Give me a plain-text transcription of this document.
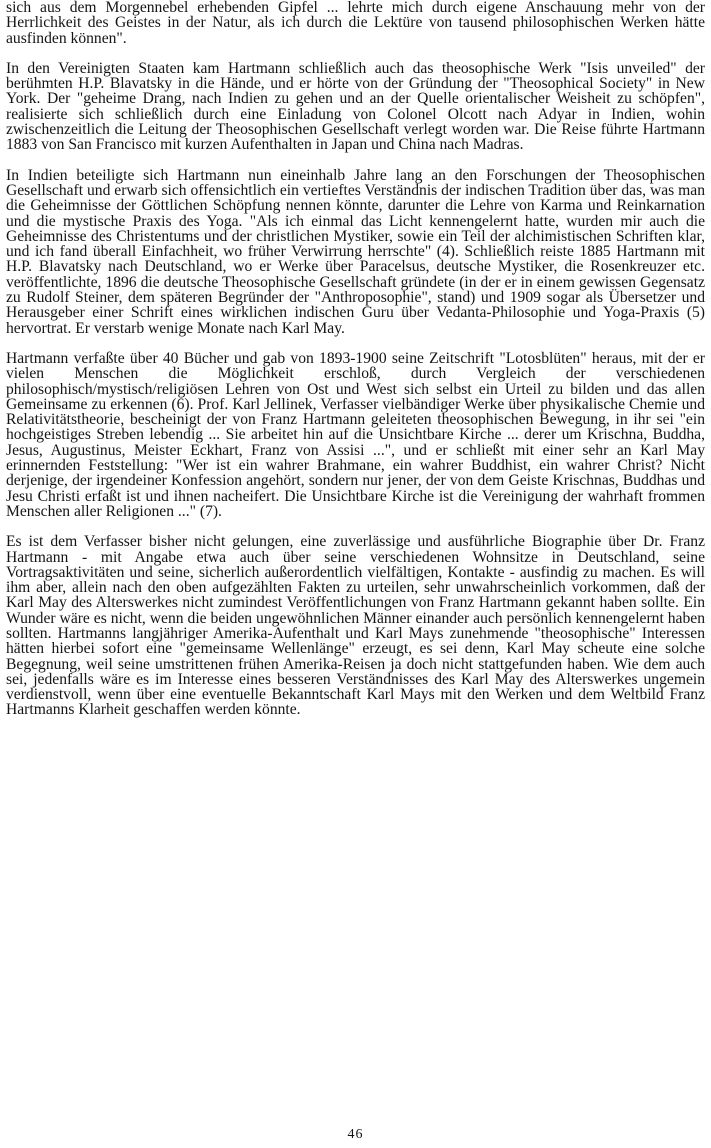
sich aus dem Morgennebel erhebenden Gipfel ... lehrte mich durch eigene Anschauung mehr von der Herrlichkeit des Geistes in der Natur, als ich durch die Lektüre von tausend philosophischen Werken hätte ausfinden können".

In den Vereinigten Staaten kam Hartmann schließlich auch das theosophische Werk "Isis unveiled" der berühmten H.P. Blavatsky in die Hände, und er hörte von der Gründung der "Theosophical Society" in New York. Der "geheime Drang, nach Indien zu gehen und an der Quelle orientalischer Weisheit zu schöpfen", realisierte sich schließlich durch eine Einladung von Colonel Olcott nach Adyar in Indien, wohin zwischenzeitlich die Leitung der Theosophischen Gesellschaft verlegt worden war. Die Reise führte Hartmann 1883 von San Francisco mit kurzen Aufenthalten in Japan und China nach Madras.

In Indien beteiligte sich Hartmann nun eineinhalb Jahre lang an den Forschungen der Theosophischen Gesellschaft und erwarb sich offensichtlich ein vertieftes Verständnis der indischen Tradition über das, was man die Geheimnisse der Göttlichen Schöpfung nennen könnte, darunter die Lehre von Karma und Reinkarnation und die mystische Praxis des Yoga. "Als ich einmal das Licht kennengelernt hatte, wurden mir auch die Geheimnisse des Christentums und der christlichen Mystiker, sowie ein Teil der alchimistischen Schriften klar, und ich fand überall Einfachheit, wo früher Verwirrung herrschte" (4). Schließlich reiste 1885 Hartmann mit H.P. Blavatsky nach Deutschland, wo er Werke über Paracelsus, deutsche Mystiker, die Rosenkreuzer etc. veröffentlichte, 1896 die deutsche Theosophische Gesellschaft gründete (in der er in einem gewissen Gegensatz zu Rudolf Steiner, dem späteren Begründer der "Anthroposophie", stand) und 1909 sogar als Übersetzer und Herausgeber einer Schrift eines wirklichen indischen Guru über Vedanta-Philosophie und Yoga-Praxis (5) hervortrat. Er verstarb wenige Monate nach Karl May.

Hartmann verfaßte über 40 Bücher und gab von 1893-1900 seine Zeitschrift "Lotosblüten" heraus, mit der er vielen Menschen die Möglichkeit erschloß, durch Vergleich der verschiedenen philosophisch/mystisch/religiösen Lehren von Ost und West sich selbst ein Urteil zu bilden und das allen Gemeinsame zu erkennen (6). Prof. Karl Jellinek, Verfasser vielbändiger Werke über physikalische Chemie und Relativitätstheorie, bescheinigt der von Franz Hartmann geleiteten theosophischen Bewegung, in ihr sei "ein hochgeistiges Streben lebendig ... Sie arbeitet hin auf die Unsichtbare Kirche ... derer um Krischna, Buddha, Jesus, Augustinus, Meister Eckhart, Franz von Assisi ...", und er schließt mit einer sehr an Karl May erinnernden Feststellung: "Wer ist ein wahrer Brahmane, ein wahrer Buddhist, ein wahrer Christ? Nicht derjenige, der irgendeiner Konfession angehört, sondern nur jener, der von dem Geiste Krischnas, Buddhas und Jesu Christi erfaßt ist und ihnen nacheifert. Die Unsichtbare Kirche ist die Vereinigung der wahrhaft frommen Menschen aller Religionen ..." (7).

Es ist dem Verfasser bisher nicht gelungen, eine zuverlässige und ausführliche Biographie über Dr. Franz Hartmann - mit Angabe etwa auch über seine verschiedenen Wohnsitze in Deutschland, seine Vortragsaktivitäten und seine, sicherlich außerordentlich vielfältigen, Kontakte - ausfindig zu machen. Es will ihm aber, allein nach den oben aufgezählten Fakten zu urteilen, sehr unwahrscheinlich vorkommen, daß der Karl May des Alterswerkes nicht zumindest Veröffentlichungen von Franz Hartmann gekannt haben sollte. Ein Wunder wäre es nicht, wenn die beiden ungewöhnlichen Männer einander auch persönlich kennengelernt haben sollten. Hartmanns langjähriger Amerika-Aufenthalt und Karl Mays zunehmende "theosophische" Interessen hätten hierbei sofort eine "gemeinsame Wellenlänge" erzeugt, es sei denn, Karl May scheute eine solche Begegnung, weil seine umstrittenen frühen Amerika-Reisen ja doch nicht stattgefunden haben. Wie dem auch sei, jedenfalls wäre es im Interesse eines besseren Verständnisses des Karl May des Alterswerkes ungemein verdienstvoll, wenn über eine eventuelle Bekanntschaft Karl Mays mit den Werken und dem Weltbild Franz Hartmanns Klarheit geschaffen werden könnte.

46
